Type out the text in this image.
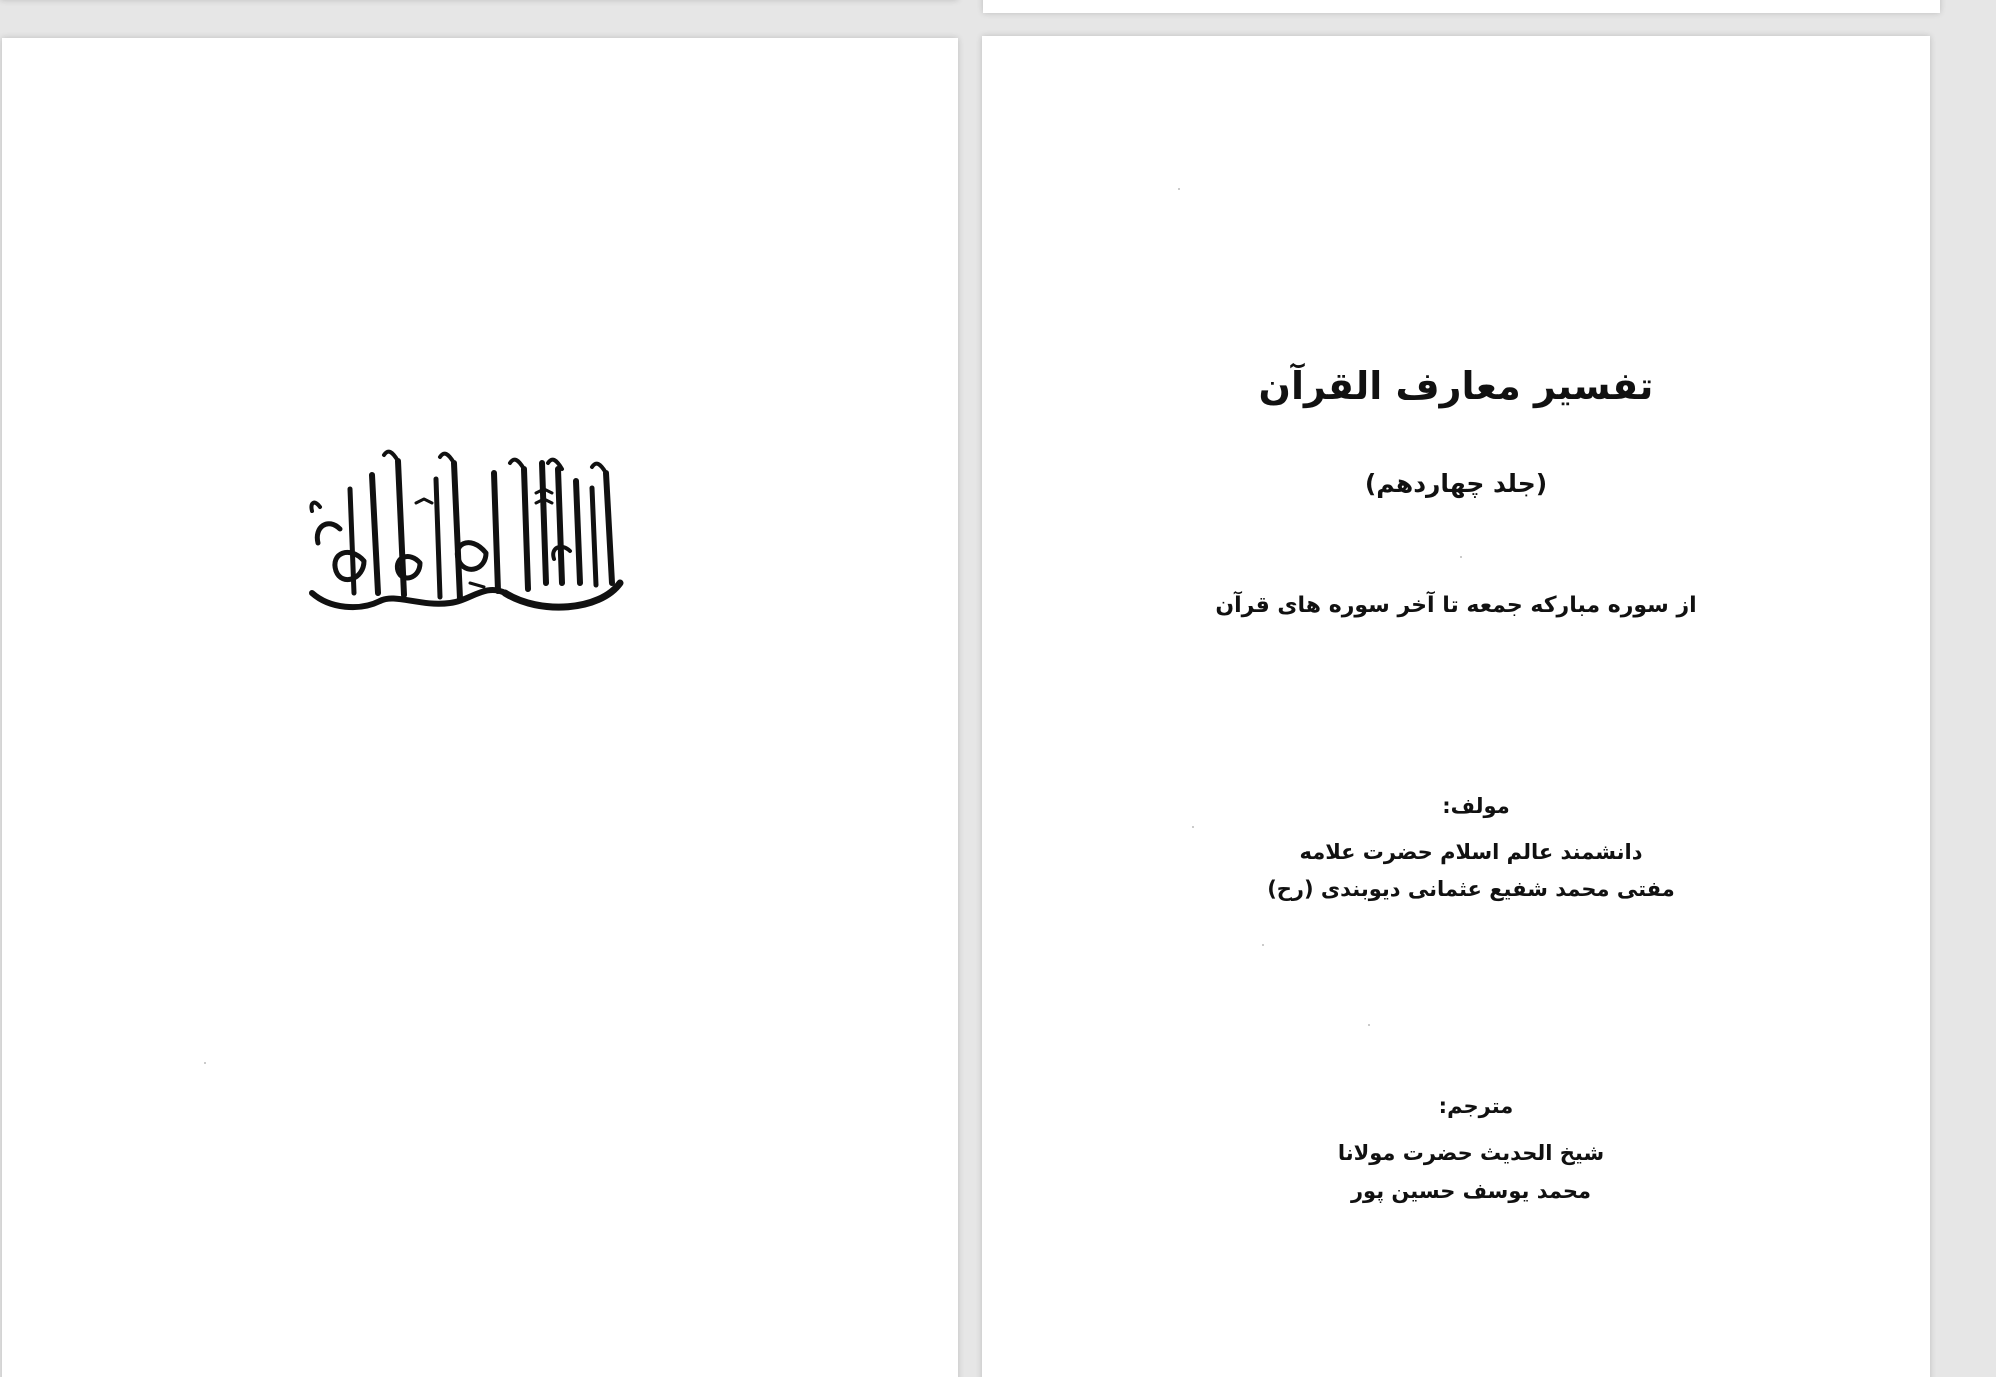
تفسیر معارف القرآن
(جلد چهاردهم)
از سوره مبارکه جمعه تا آخر سوره های قرآن
مولف:
دانشمند عالم اسلام حضرت علامه
مفتی محمد شفیع عثمانی دیوبندی (رح)
مترجم:
شیخ الحدیث حضرت مولانا
محمد یوسف حسین پور
